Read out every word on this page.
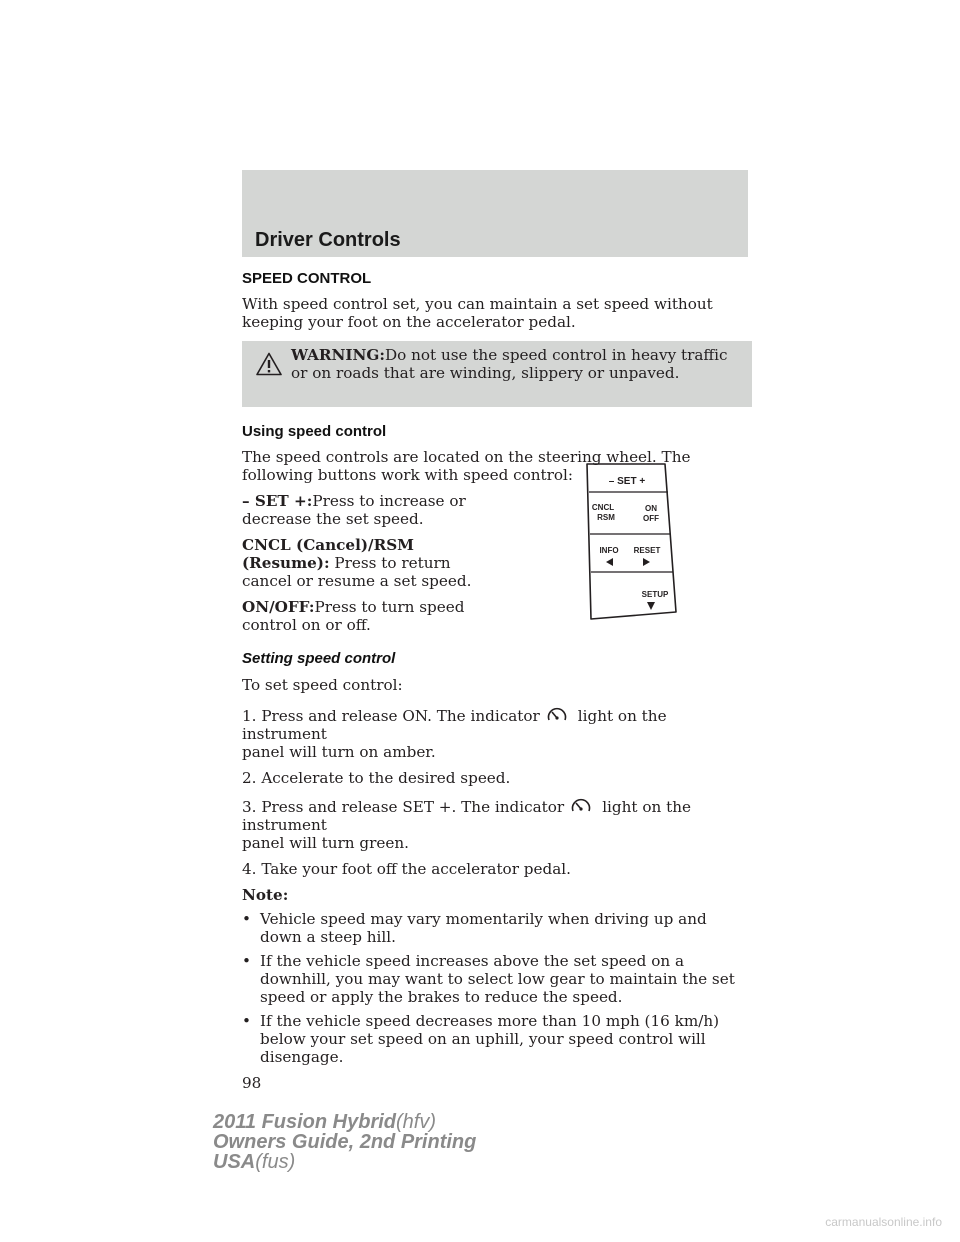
Driver Controls

SPEED CONTROL

With speed control set, you can maintain a set speed without keeping your foot on the accelerator pedal.

WARNING:Do not use the speed control in heavy traffic or on roads that are winding, slippery or unpaved.

Using speed control

The speed controls are located on the steering wheel. The following buttons work with speed control:

– SET +:Press to increase or decrease the set speed.

CNCL (Cancel)/RSM (Resume): Press to return cancel or resume a set speed.

ON/OFF:Press to turn speed control on or off.

– SET +
CNCL
RSM
ON
OFF
INFO RESET
SETUP

Setting speed control

To set speed control:

1. Press and release ON. The indicator	light on the instrument
panel will turn on amber.

2. Accelerate to the desired speed.

3. Press and release SET +. The indicator	light on the instrument
panel will turn green.

4. Take your foot off the accelerator pedal.

Note:

• Vehicle speed may vary momentarily when driving up and down a steep hill.
• If the vehicle speed increases above the set speed on a downhill, you may want to select low gear to maintain the set speed or apply the brakes to reduce the speed.
• If the vehicle speed decreases more than 10 mph (16 km/h) below your set speed on an uphill, your speed control will disengage.

98

2011 Fusion Hybrid(hfv)
Owners Guide, 2nd Printing
USA(fus)
carmanualsonline.info
